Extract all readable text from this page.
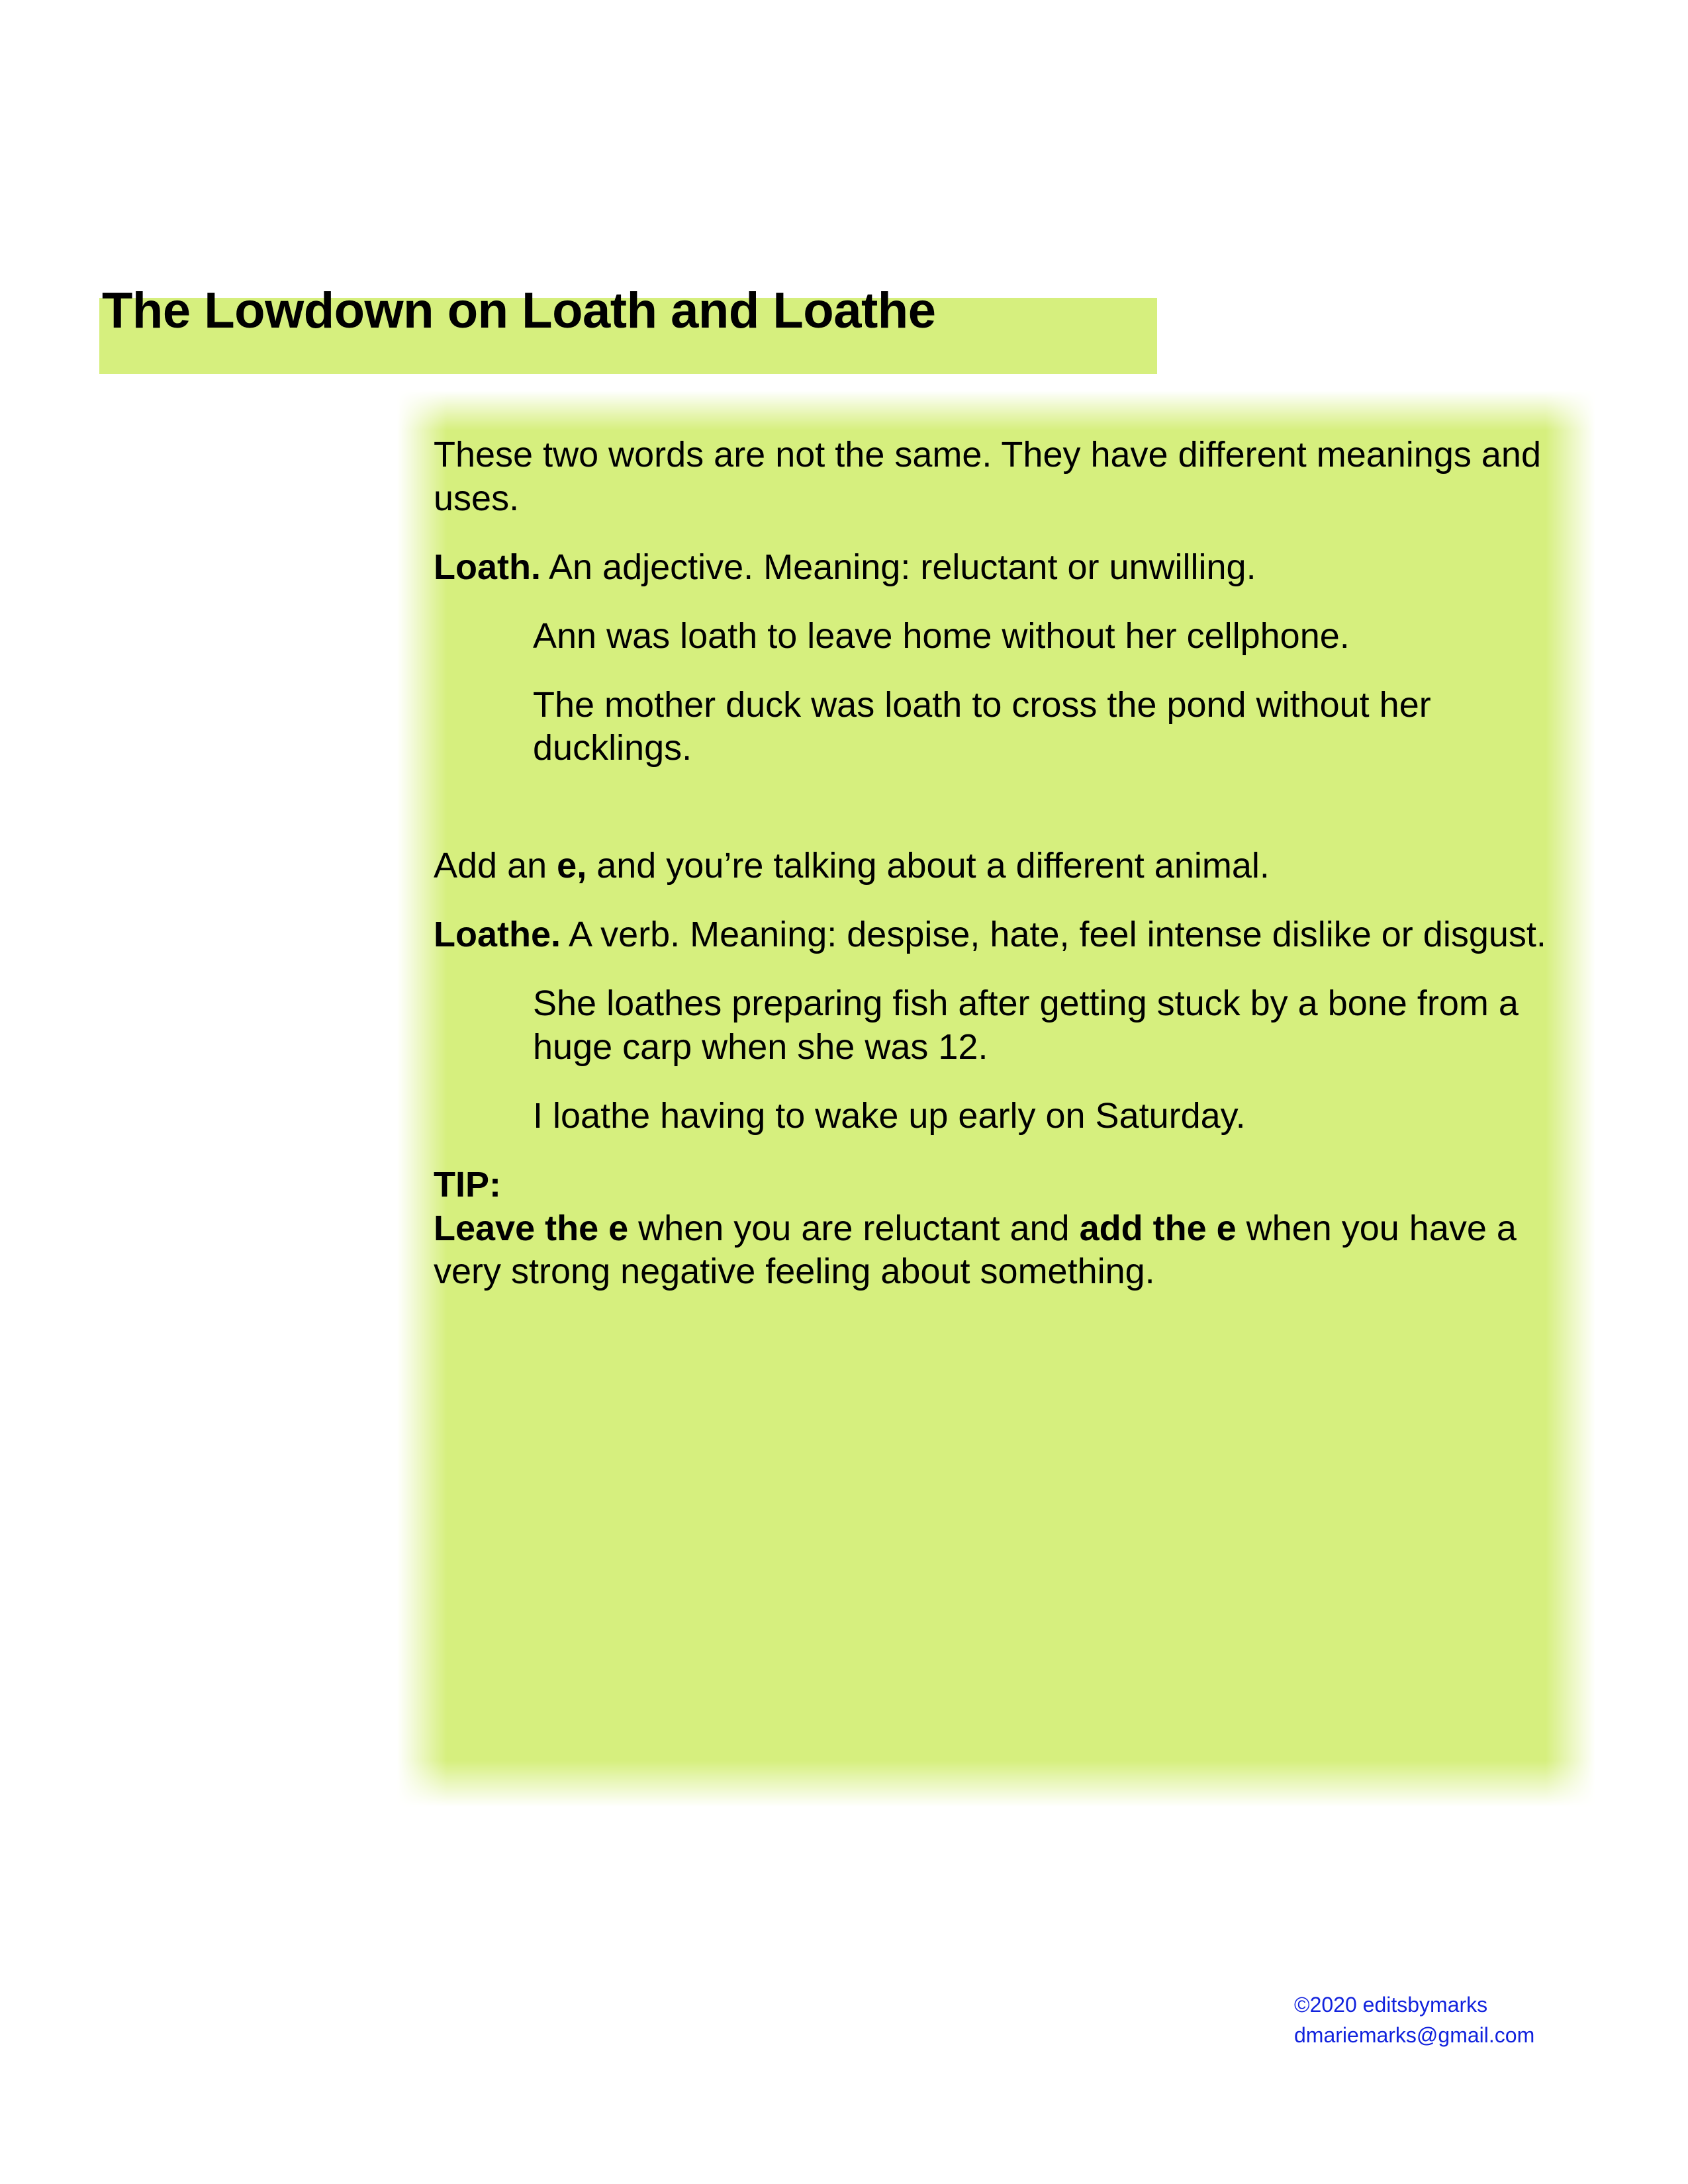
The Lowdown on Loath and Loathe

These two words are not the same. They have different meanings and uses.

Loath. An adjective. Meaning: reluctant or unwilling.

Ann was loath to leave home without her cellphone.

The mother duck was loath to cross the pond without her ducklings.

Add an e, and you’re talking about a different animal.

Loathe. A verb. Meaning: despise, hate, feel intense dislike or disgust.

She loathes preparing fish after getting stuck by a bone from a huge carp when she was 12.

I loathe having to wake up early on Saturday.

TIP:

Leave the e when you are reluctant and add the e when you have a very strong negative feeling about something.

©2020 editsbymarks
dmariemarks@gmail.com
